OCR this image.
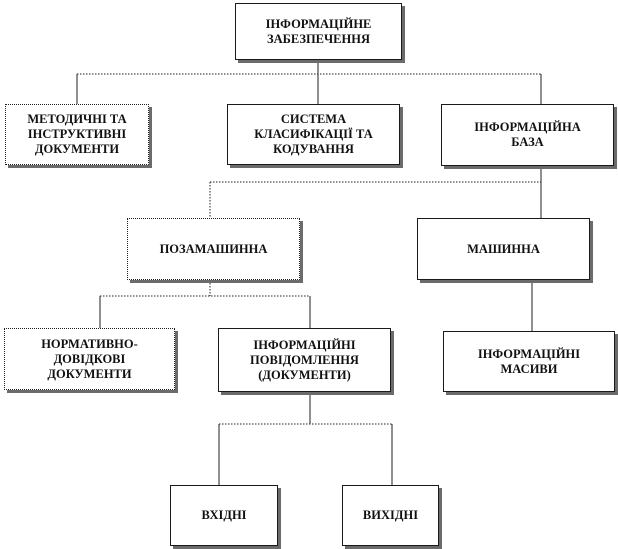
ІНФОРМАЦІЙНЕ
ЗАБЕЗПЕЧЕННЯ
МЕТОДИЧНІ ТА
ІНСТРУКТИВНІ
ДОКУМЕНТИ
СИСТЕМА
КЛАСИФІКАЦІЇ ТА
КОДУВАННЯ
ІНФОРМАЦІЙНА
БАЗА
ПОЗАМАШИННА	МАШИННА
НОРМАТИВНО-
ДОВІДКОВІ
ДОКУМЕНТИ
ІНФОРМАЦІЙНІ
ПОВІДОМЛЕННЯ
(ДОКУМЕНТИ)
ІНФОРМАЦІЙНІ
МАСИВИ
ВХІДНІ	ВИХІДНІ
